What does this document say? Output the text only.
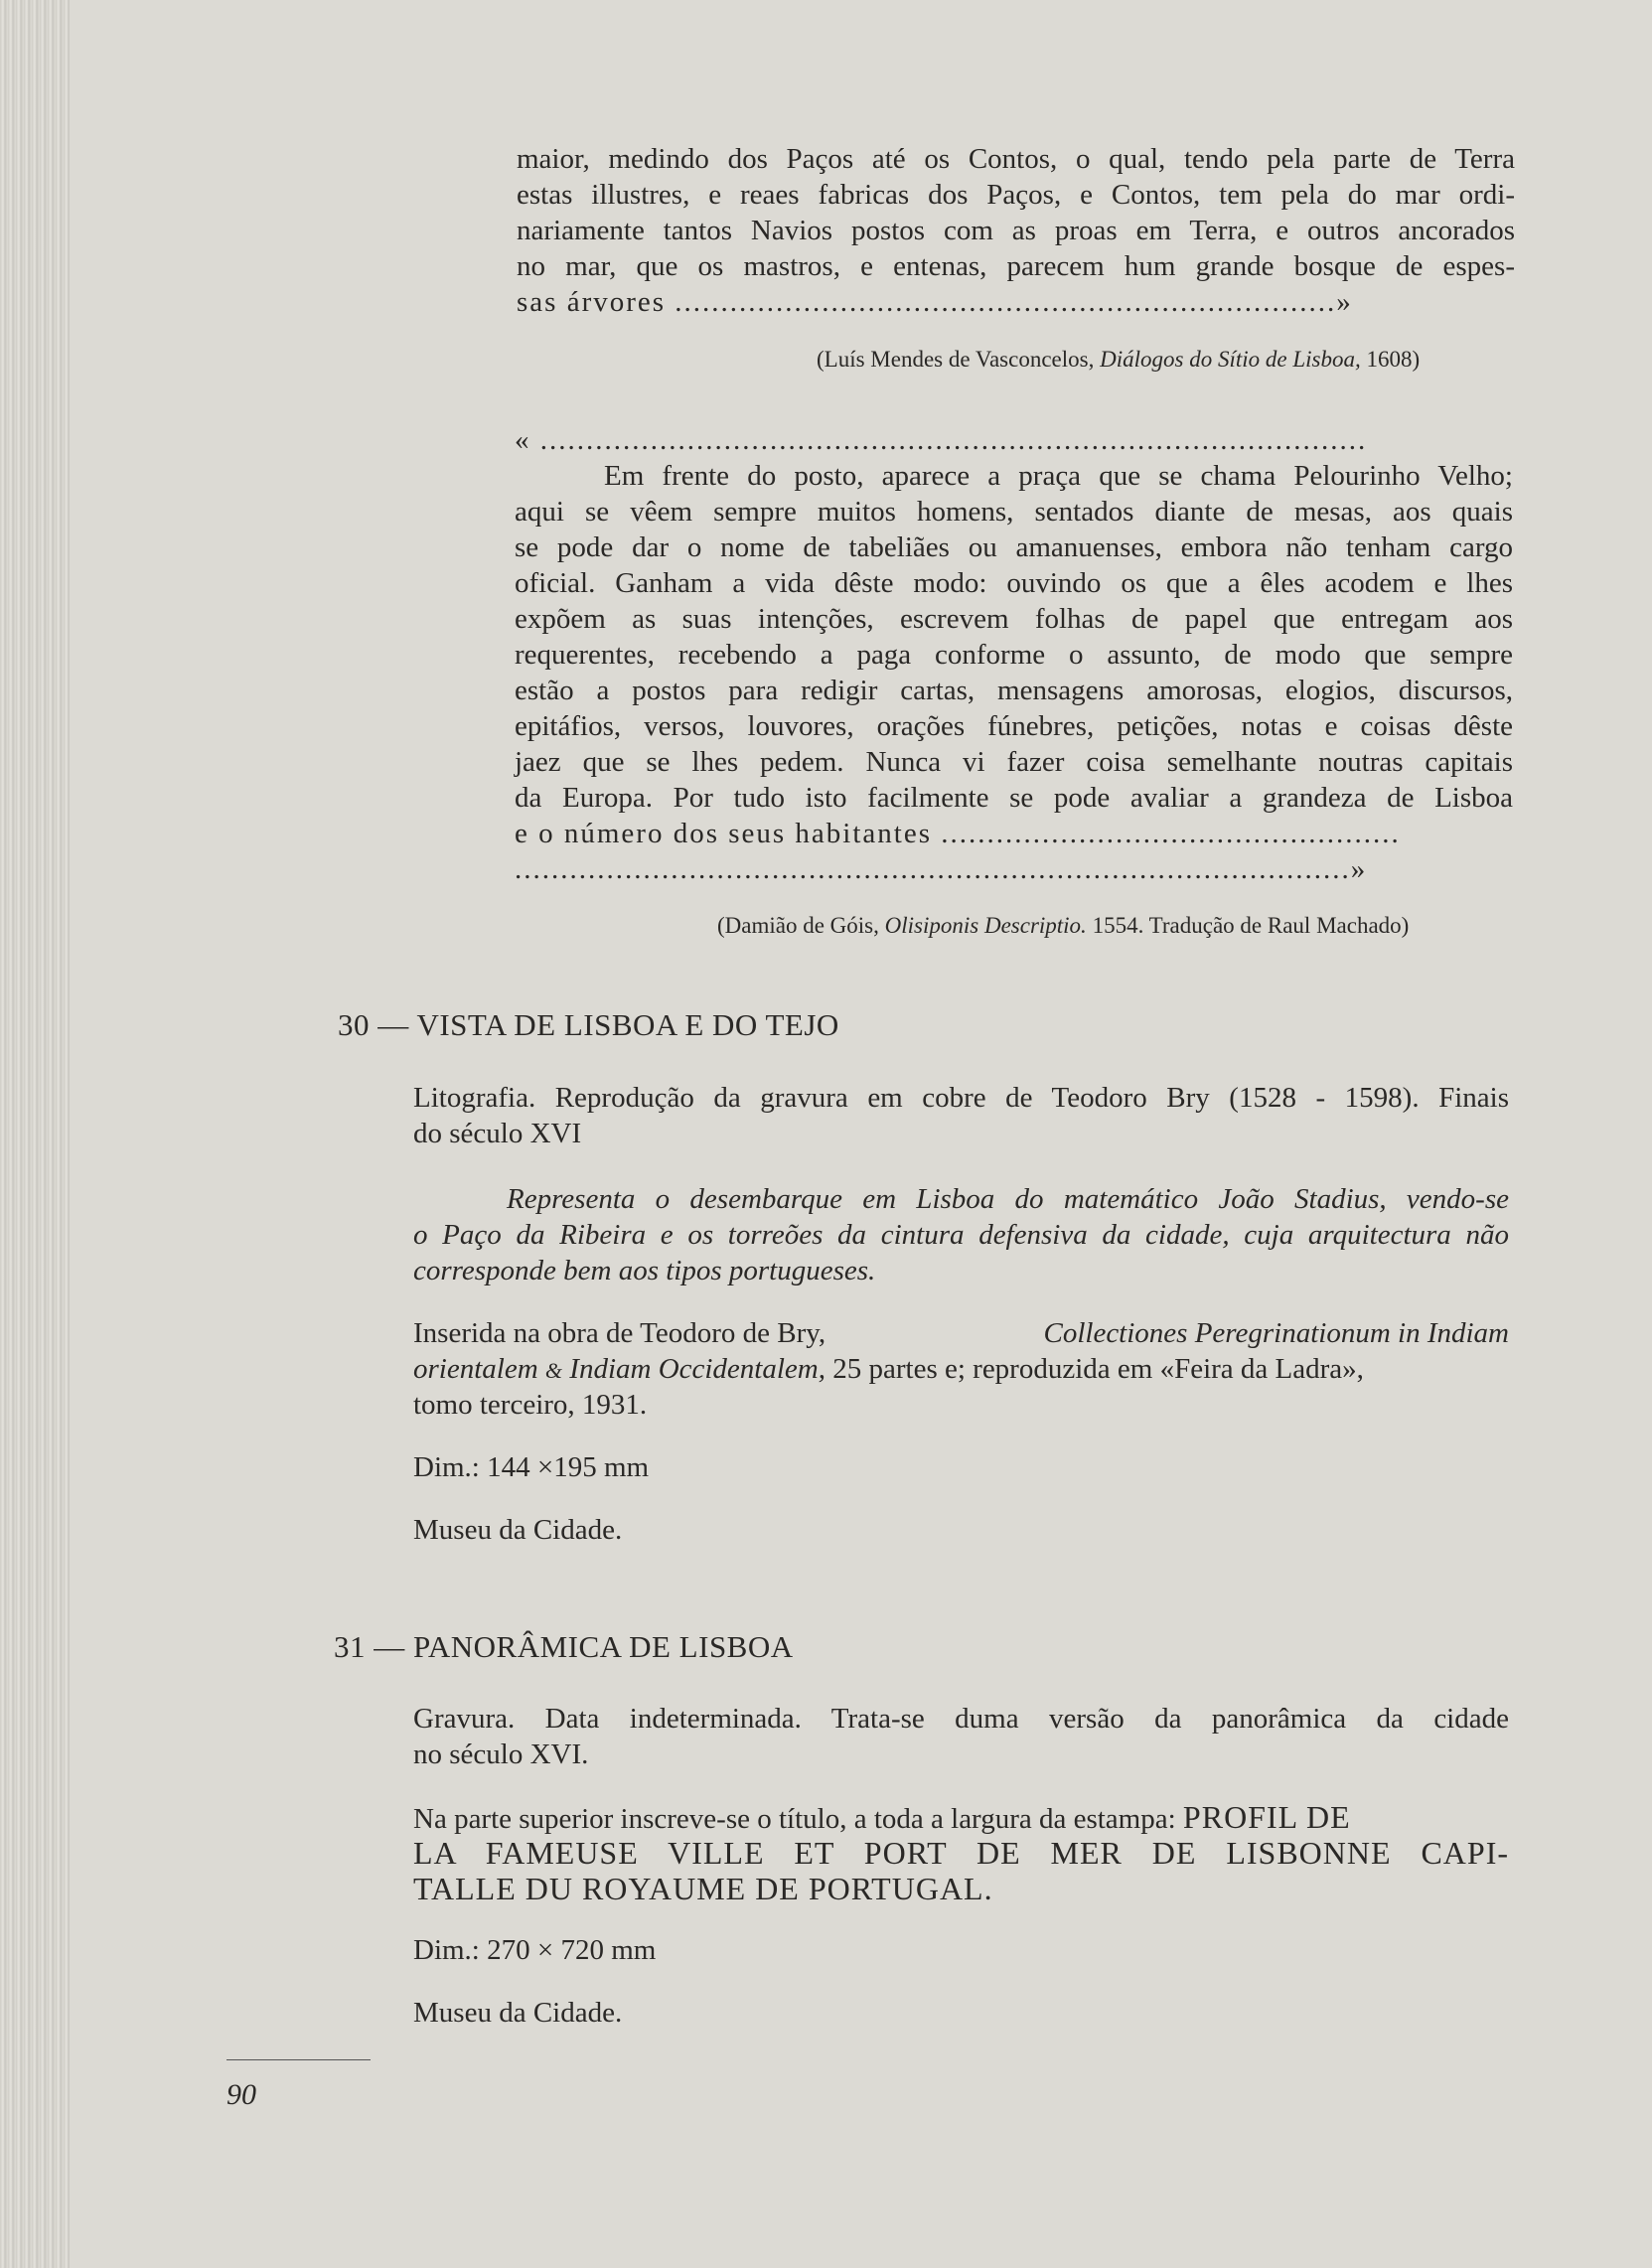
maior, medindo dos Paços até os Contos, o qual, tendo pela parte de Terra
estas illustres, e reaes fabricas dos Paços, e Contos, tem pela do mar ordi-
nariamente tantos Navios postos com as proas em Terra, e outros ancorados
no mar, que os mastros, e entenas, parecem hum grande bosque de espes-
sas árvores ........................................................................»
(Luís Mendes de Vasconcelos, Diálogos do Sítio de Lisboa, 1608)
« ..........................................................................................
Em frente do posto, aparece a praça que se chama Pelourinho Velho;
aqui se vêem sempre muitos homens, sentados diante de mesas, aos quais
se pode dar o nome de tabeliães ou amanuenses, embora não tenham cargo
oficial. Ganham a vida dêste modo: ouvindo os que a êles acodem e lhes
expõem as suas intenções, escrevem folhas de papel que entregam aos
requerentes, recebendo a paga conforme o assunto, de modo que sempre
estão a postos para redigir cartas, mensagens amorosas, elogios, discursos,
epitáfios, versos, louvores, orações fúnebres, petições, notas e coisas dêste
jaez que se lhes pedem. Nunca vi fazer coisa semelhante noutras capitais
da Europa. Por tudo isto facilmente se pode avaliar a grandeza de Lisboa
e o número dos seus habitantes ..................................................
...........................................................................................»
(Damião de Góis, Olisiponis Descriptio. 1554. Tradução de Raul Machado)
30 — VISTA DE LISBOA E DO TEJO
Litografia. Reprodução da gravura em cobre de Teodoro Bry (1528 - 1598). Finais
do século XVI
Representa o desembarque em Lisboa do matemático João Stadius, vendo-se
o Paço da Ribeira e os torreões da cintura defensiva da cidade, cuja arquitectura não
corresponde bem aos tipos portugueses.
Inserida na obra de Teodoro de Bry,	Collectiones Peregrinationum in Indiam
orientalem & Indiam Occidentalem, 25 partes e; reproduzida em «Feira da Ladra»,
tomo terceiro, 1931.
Dim.: 144 ×195 mm
Museu da Cidade.
31 — PANORÂMICA DE LISBOA
Gravura. Data indeterminada. Trata-se duma versão da panorâmica da cidade
no século XVI.
Na parte superior inscreve-se o título, a toda a largura da estampa: PROFIL DE
LA FAMEUSE VILLE ET PORT DE MER DE LISBONNE CAPI-
TALLE DU ROYAUME DE PORTUGAL.
Dim.: 270 × 720 mm
Museu da Cidade.
90
